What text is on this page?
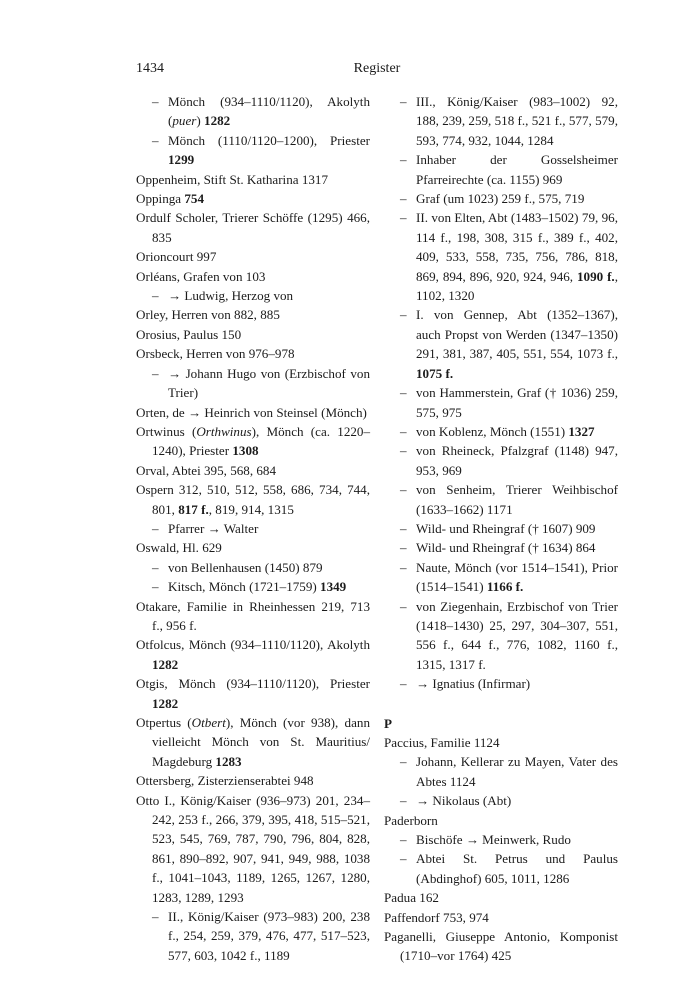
1434	Register
– Mönch (934–1110/1120), Akolyth (puer) 1282
– Mönch (1110/1120–1200), Priester 1299
Oppenheim, Stift St. Katharina 1317
Oppinga 754
Ordulf Scholer, Trierer Schöffe (1295) 466, 835
Orioncourt 997
Orléans, Grafen von 103
– → Ludwig, Herzog von
Orley, Herren von 882, 885
Orosius, Paulus 150
Orsbeck, Herren von 976–978
– → Johann Hugo von (Erzbischof von Trier)
Orten, de → Heinrich von Steinsel (Mönch)
Ortwinus (Orthwinus), Mönch (ca. 1220–1240), Priester 1308
Orval, Abtei 395, 568, 684
Ospern 312, 510, 512, 558, 686, 734, 744, 801, 817 f., 819, 914, 1315
– Pfarrer → Walter
Oswald, Hl. 629
– von Bellenhausen (1450) 879
– Kitsch, Mönch (1721–1759) 1349
Otakare, Familie in Rheinhessen 219, 713 f., 956 f.
Otfolcus, Mönch (934–1110/1120), Akolyth 1282
Otgis, Mönch (934–1110/1120), Priester 1282
Otpertus (Otbert), Mönch (vor 938), dann vielleicht Mönch von St. Mauritius/ Magdeburg 1283
Ottersberg, Zisterzienserabtei 948
Otto I., König/Kaiser (936–973) 201, 234–242, 253 f., 266, 379, 395, 418, 515–521, 523, 545, 769, 787, 790, 796, 804, 828, 861, 890–892, 907, 941, 949, 988, 1038 f., 1041–1043, 1189, 1265, 1267, 1280, 1283, 1289, 1293
– II., König/Kaiser (973–983) 200, 238 f., 254, 259, 379, 476, 477, 517–523, 577, 603, 1042 f., 1189
– III., König/Kaiser (983–1002) 92, 188, 239, 259, 518 f., 521 f., 577, 579, 593, 774, 932, 1044, 1284
– Inhaber der Gosselsheimer Pfarreirechte (ca. 1155) 969
– Graf (um 1023) 259 f., 575, 719
– II. von Elten, Abt (1483–1502) 79, 96, 114 f., 198, 308, 315 f., 389 f., 402, 409, 533, 558, 735, 756, 786, 818, 869, 894, 896, 920, 924, 946, 1090 f., 1102, 1320
– I. von Gennep, Abt (1352–1367), auch Propst von Werden (1347–1350) 291, 381, 387, 405, 551, 554, 1073 f., 1075 f.
– von Hammerstein, Graf († 1036) 259, 575, 975
– von Koblenz, Mönch (1551) 1327
– von Rheineck, Pfalzgraf (1148) 947, 953, 969
– von Senheim, Trierer Weihbischof (1633–1662) 1171
– Wild- und Rheingraf († 1607) 909
– Wild- und Rheingraf († 1634) 864
– Naute, Mönch (vor 1514–1541), Prior (1514–1541) 1166 f.
– von Ziegenhain, Erzbischof von Trier (1418–1430) 25, 297, 304–307, 551, 556 f., 644 f., 776, 1082, 1160 f., 1315, 1317 f.
– → Ignatius (Infirmar)
P
Paccius, Familie 1124
– Johann, Kellerar zu Mayen, Vater des Abtes 1124
– → Nikolaus (Abt)
Paderborn
– Bischöfe → Meinwerk, Rudo
– Abtei St. Petrus und Paulus (Abdinghof) 605, 1011, 1286
Padua 162
Paffendorf 753, 974
Paganelli, Giuseppe Antonio, Komponist (1710–vor 1764) 425
